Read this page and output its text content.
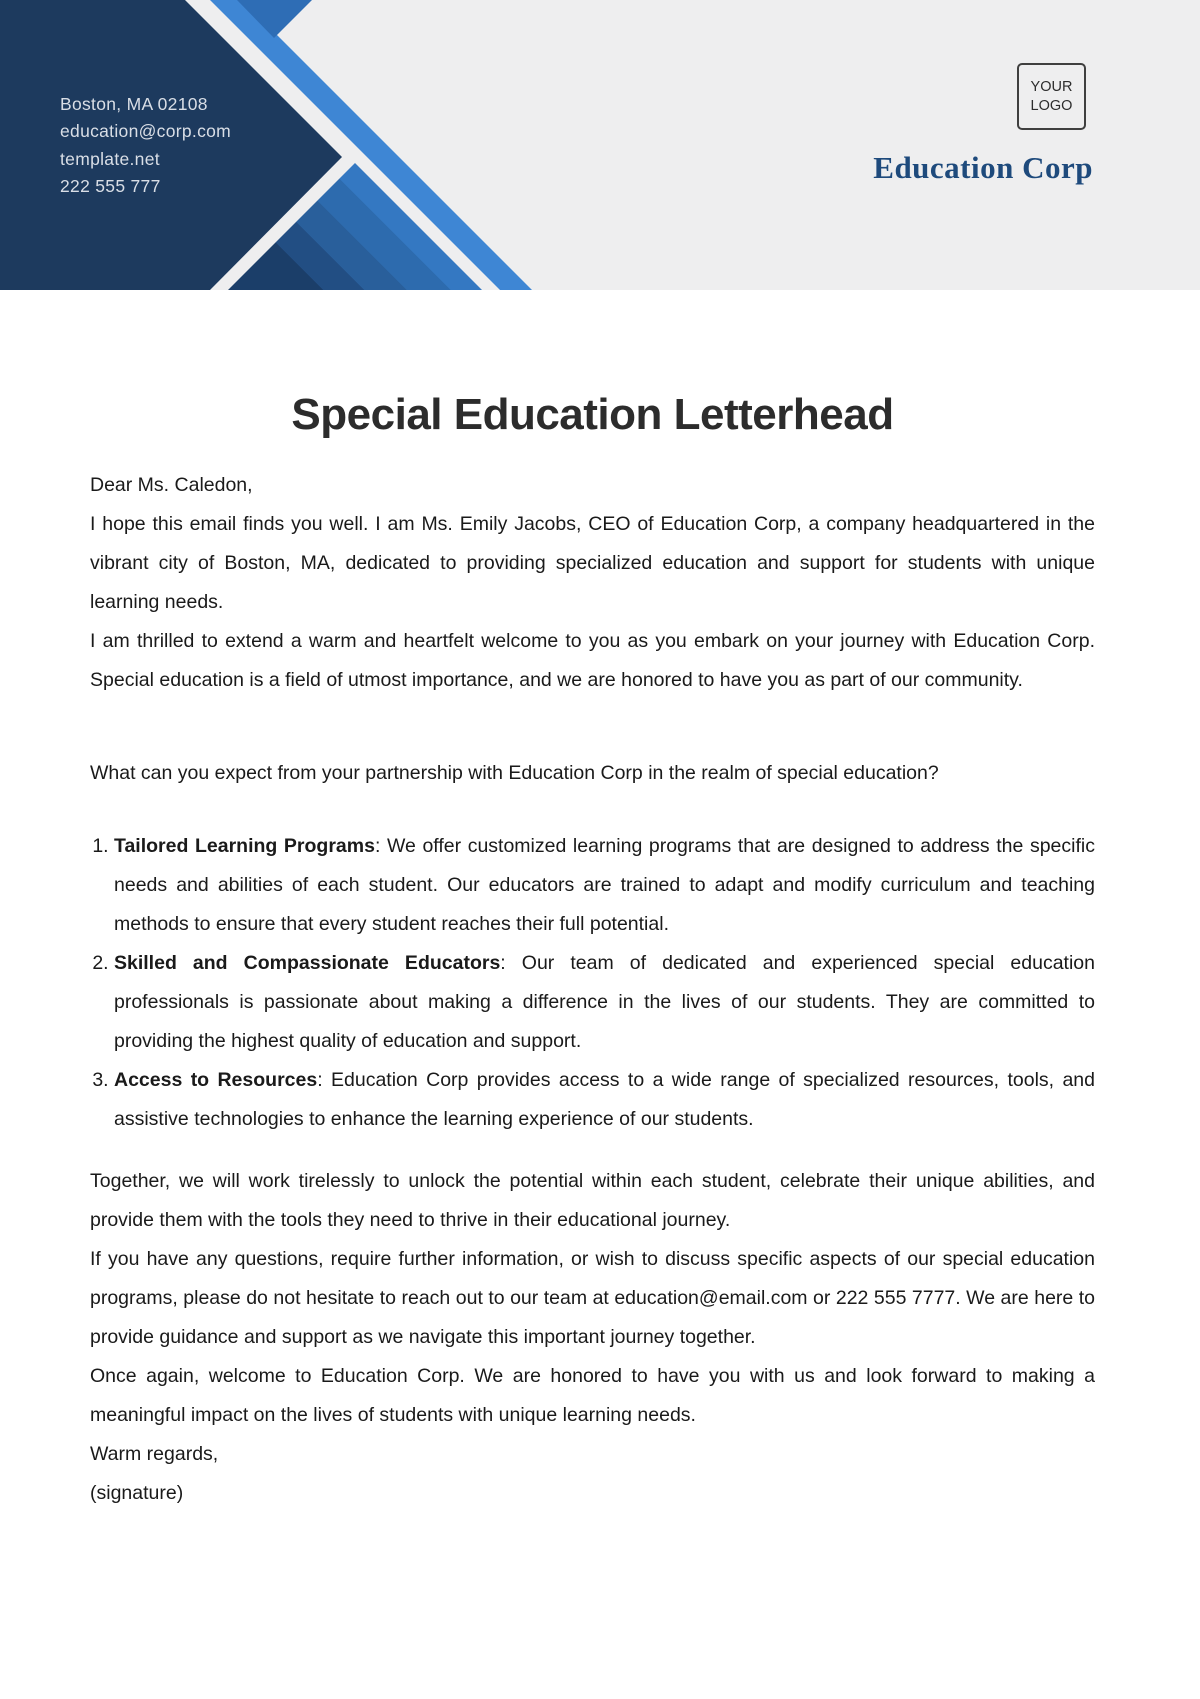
Boston, MA 02108
education@corp.com
template.net
222 555 777
YOUR
LOGO
Education Corp
Special Education Letterhead

Dear Ms. Caledon,

I hope this email finds you well. I am Ms. Emily Jacobs, CEO of Education Corp, a company headquartered in the vibrant city of Boston, MA, dedicated to providing specialized education and support for students with unique learning needs.

I am thrilled to extend a warm and heartfelt welcome to you as you embark on your journey with Education Corp. Special education is a field of utmost importance, and we are honored to have you as part of our community.

What can you expect from your partnership with Education Corp in the realm of special education?

1. Tailored Learning Programs: We offer customized learning programs that are designed to address the specific needs and abilities of each student. Our educators are trained to adapt and modify curriculum and teaching methods to ensure that every student reaches their full potential.
2. Skilled and Compassionate Educators: Our team of dedicated and experienced special education professionals is passionate about making a difference in the lives of our students. They are committed to providing the highest quality of education and support.
3. Access to Resources: Education Corp provides access to a wide range of specialized resources, tools, and assistive technologies to enhance the learning experience of our students.

Together, we will work tirelessly to unlock the potential within each student, celebrate their unique abilities, and provide them with the tools they need to thrive in their educational journey.

If you have any questions, require further information, or wish to discuss specific aspects of our special education programs, please do not hesitate to reach out to our team at education@email.com or 222 555 7777. We are here to provide guidance and support as we navigate this important journey together.

Once again, welcome to Education Corp. We are honored to have you with us and look forward to making a meaningful impact on the lives of students with unique learning needs.

Warm regards,

(signature)
